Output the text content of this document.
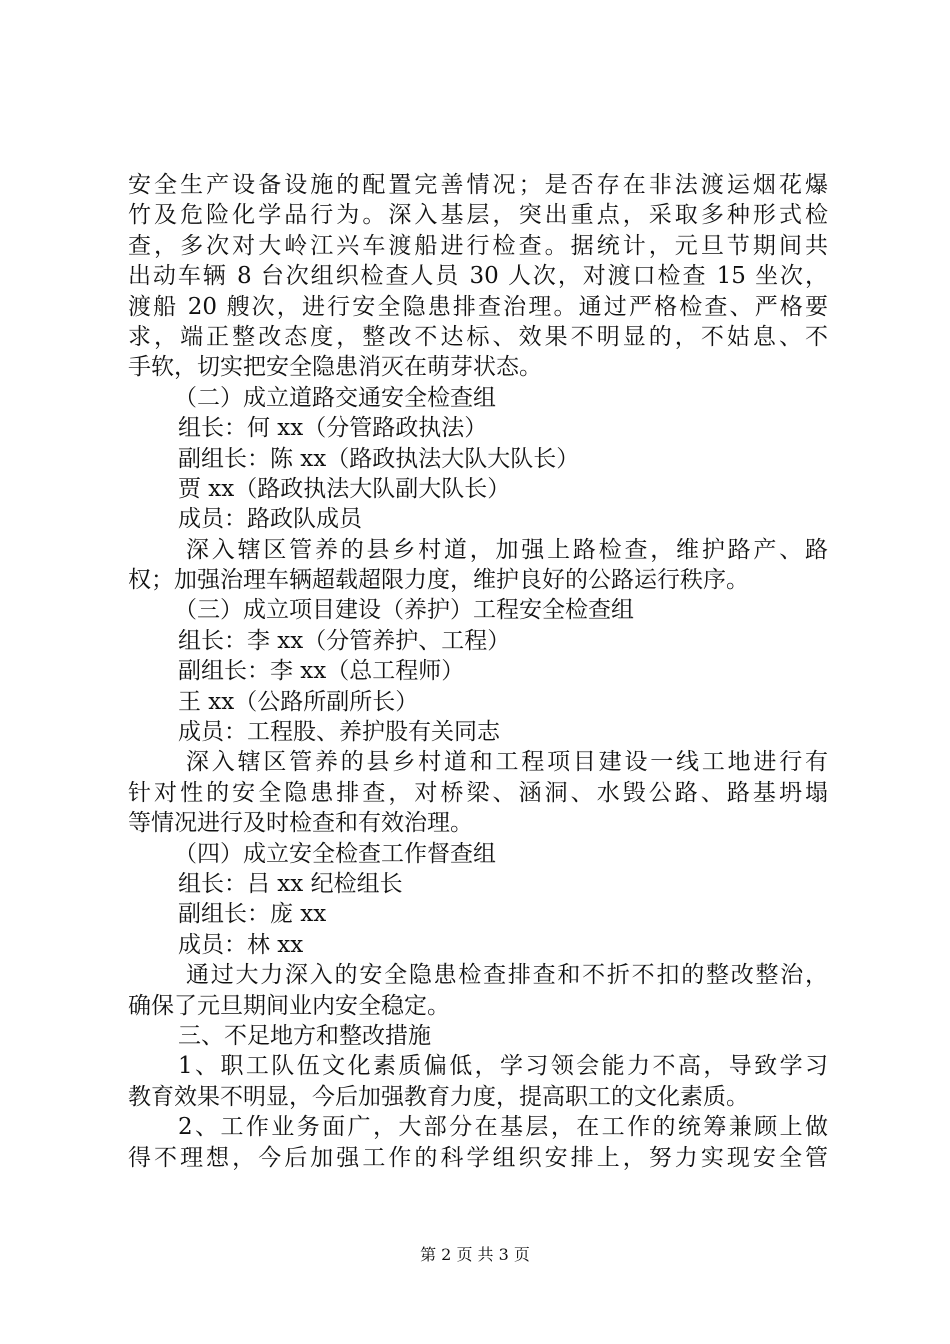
安全生产设备设施的配置完善情况；是否存在非法渡运烟花爆
竹及危险化学品行为。深入基层，突出重点，采取多种形式检
查，多次对大岭江兴车渡船进行检查。据统计，元旦节期间共
出动车辆 8 台次组织检查人员 30 人次，对渡口检查 15 坐次，
渡船 20 艘次，进行安全隐患排查治理。通过严格检查、严格要
求，端正整改态度，整改不达标、效果不明显的，不姑息、不
手软，切实把安全隐患消灭在萌芽状态。
（二）成立道路交通安全检查组
组长：何 xx（分管路政执法）
副组长：陈 xx（路政执法大队大队长）
贾 xx（路政执法大队副大队长）
成员：路政队成员
深入辖区管养的县乡村道，加强上路检查，维护路产、路
权；加强治理车辆超载超限力度，维护良好的公路运行秩序。
（三）成立项目建设（养护）工程安全检查组
组长：李 xx（分管养护、工程）
副组长：李 xx（总工程师）
王 xx（公路所副所长）
成员：工程股、养护股有关同志
深入辖区管养的县乡村道和工程项目建设一线工地进行有
针对性的安全隐患排查，对桥梁、涵洞、水毁公路、路基坍塌
等情况进行及时检查和有效治理。
（四）成立安全检查工作督查组
组长：吕 xx 纪检组长
副组长：庞 xx
成员：林 xx
通过大力深入的安全隐患检查排查和不折不扣的整改整治，
确保了元旦期间业内安全稳定。
三、不足地方和整改措施
1、职工队伍文化素质偏低，学习领会能力不高，导致学习
教育效果不明显，今后加强教育力度，提高职工的文化素质。
2、工作业务面广，大部分在基层，在工作的统筹兼顾上做
得不理想，今后加强工作的科学组织安排上，努力实现安全管
第 2 页 共 3 页
